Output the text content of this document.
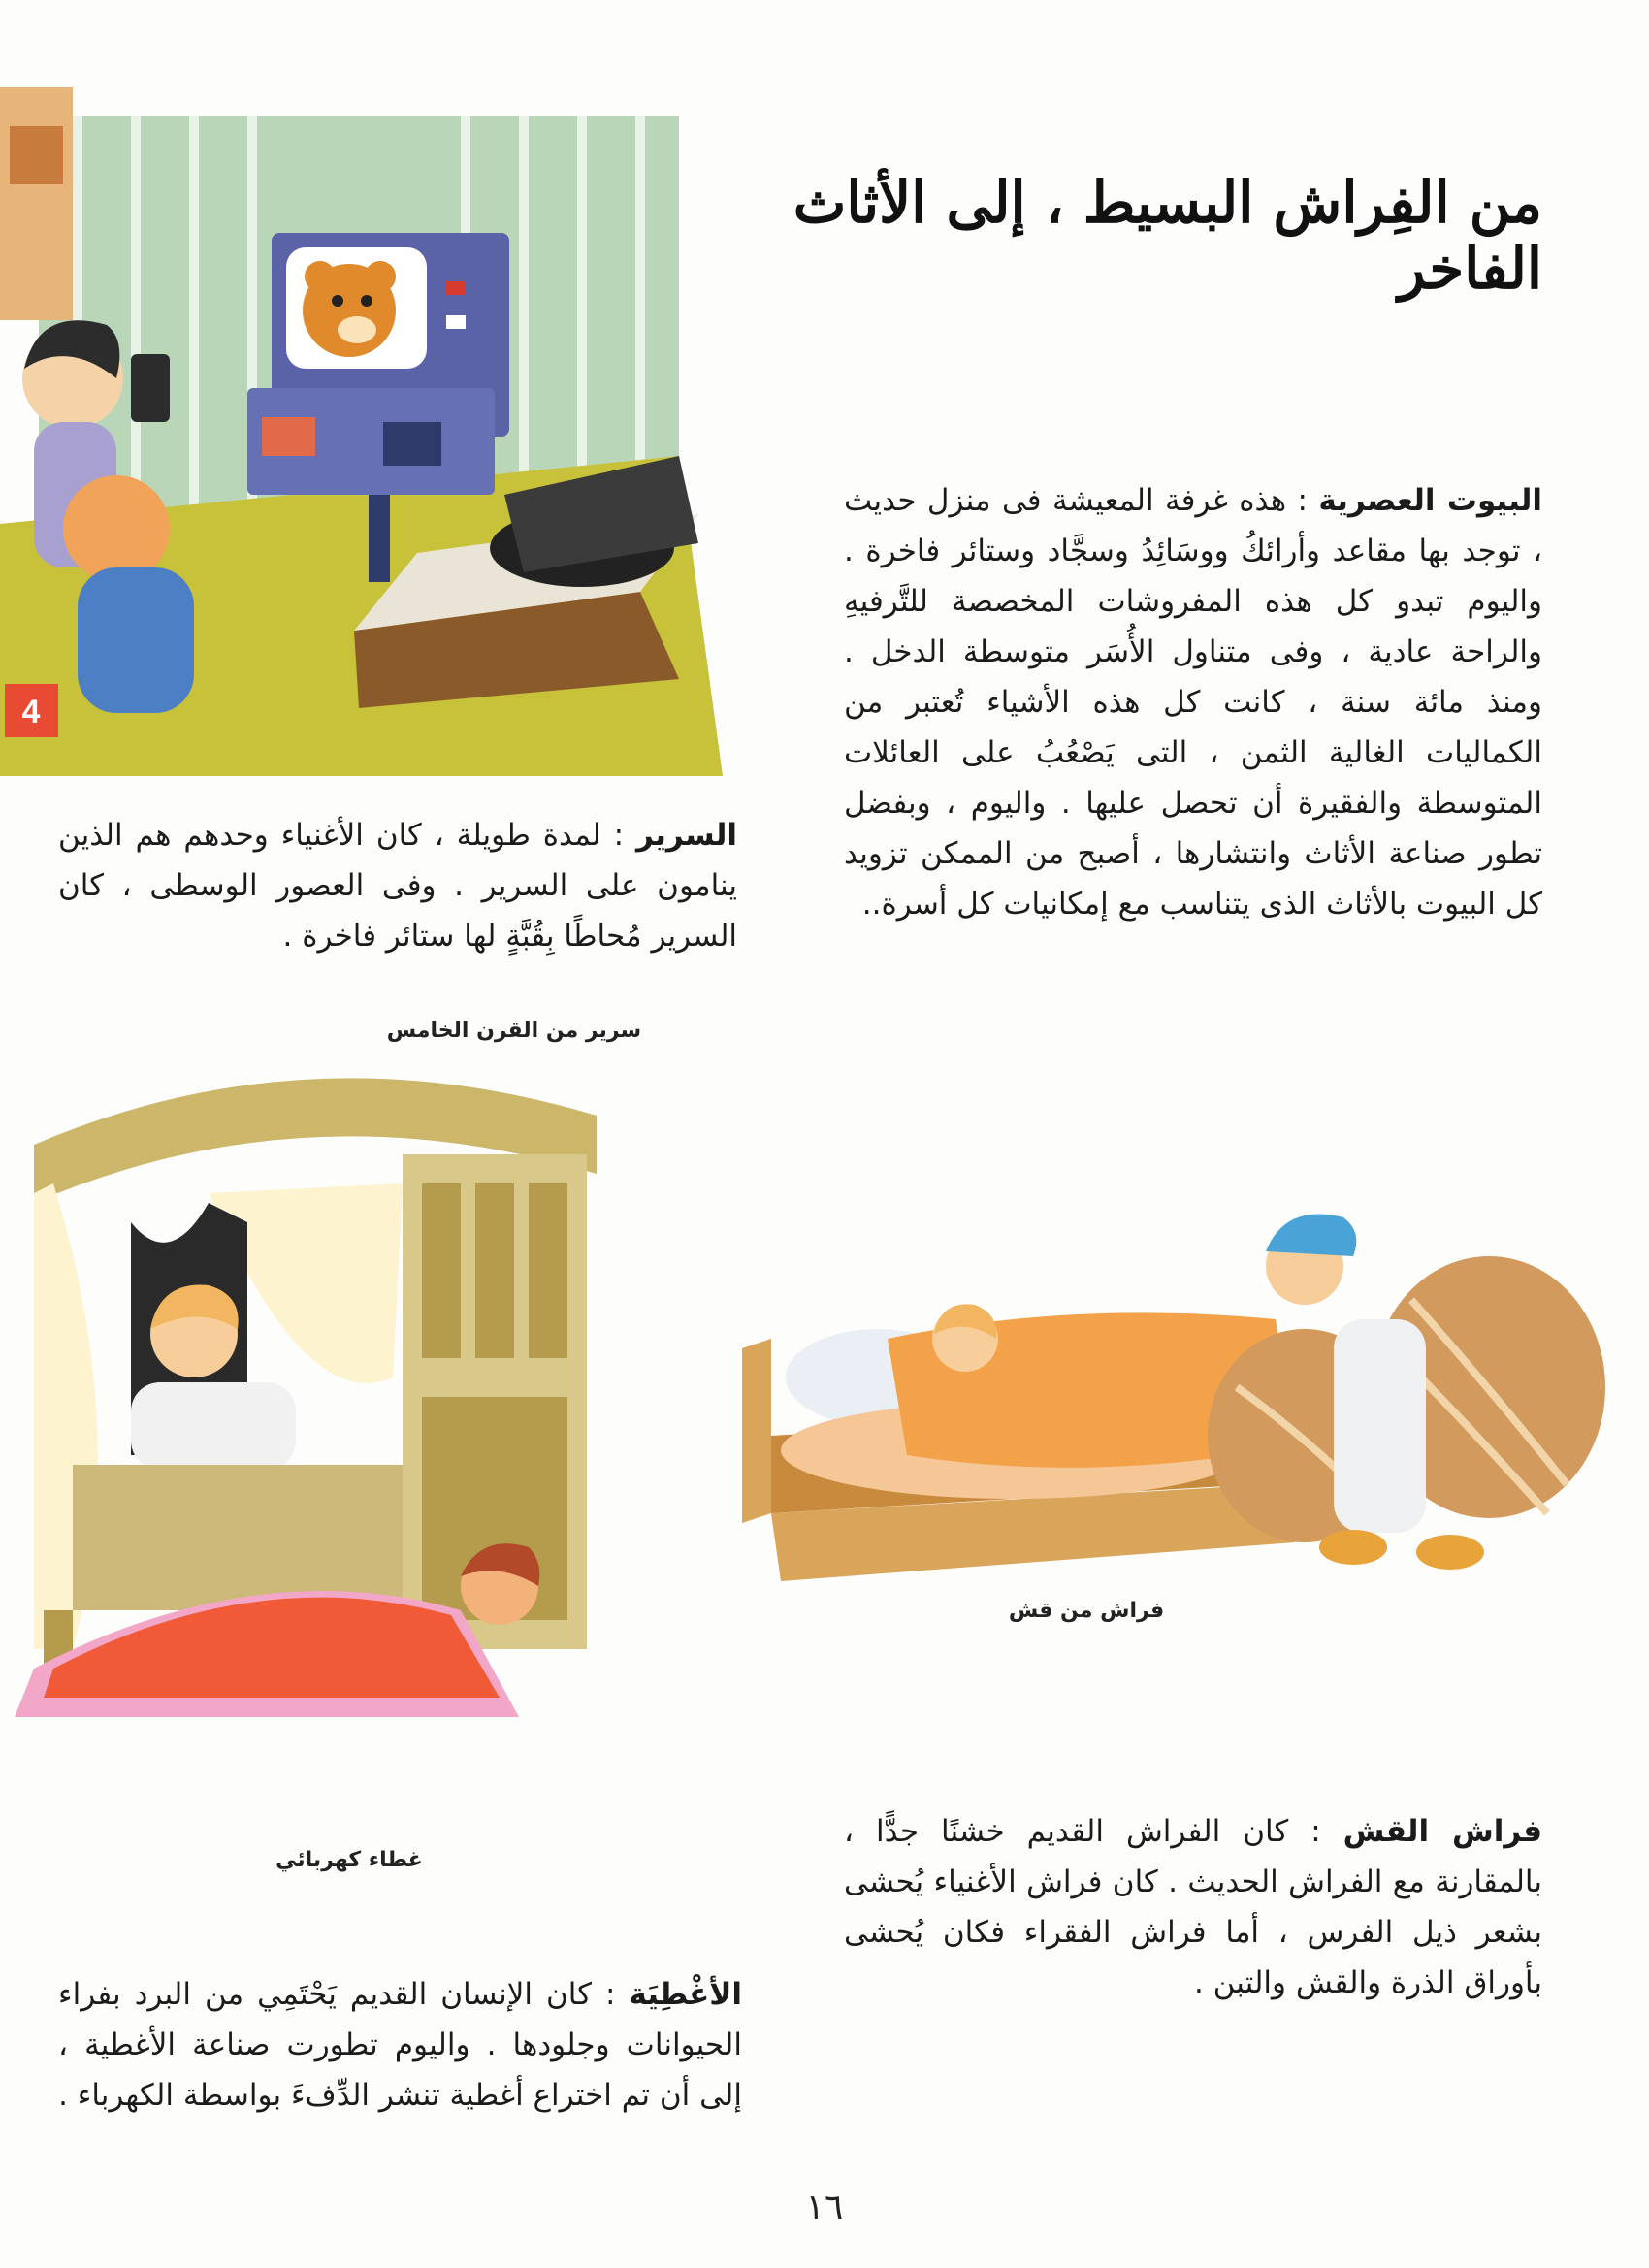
من الفِراش البسيط ، إلى الأثاث الفاخر
4

البيوت العصرية : هذه غرفة المعيشة فى منزل حديث ، توجد بها مقاعد وأرائكُ ووسَائِدُ وسجَّاد وستائر فاخرة . واليوم تبدو كل هذه المفروشات المخصصة للتَّرفيهِ والراحة عادية ، وفى متناول الأُسَر متوسطة الدخل . ومنذ مائة سنة ، كانت كل هذه الأشياء تُعتبر من الكماليات الغالية الثمن ، التى يَصْعُبُ على العائلات المتوسطة والفقيرة أن تحصل عليها . واليوم ، وبفضل تطور صناعة الأثاث وانتشارها ، أصبح من الممكن تزويد كل البيوت بالأثاث الذى يتناسب مع إمكانيات كل أسرة..

السرير : لمدة طويلة ، كان الأغنياء وحدهم هم الذين ينامون على السرير . وفى العصور الوسطى ، كان السرير مُحاطًا بِقُبَّةٍ لها ستائر فاخرة .

سرير من القرن الخامس
فراش من قش
غطاء كهربائي

فراش القش : كان الفراش القديم خشنًا جدًّا ، بالمقارنة مع الفراش الحديث . كان فراش الأغنياء يُحشى بشعر ذيل الفرس ، أما فراش الفقراء فكان يُحشى بأوراق الذرة والقش والتبن .

الأغْطِيَة : كان الإنسان القديم يَحْتَمِي من البرد بفراء الحيوانات وجلودها . واليوم تطورت صناعة الأغطية ، إلى أن تم اختراع أغطية تنشر الدِّفءَ بواسطة الكهرباء .

١٦
